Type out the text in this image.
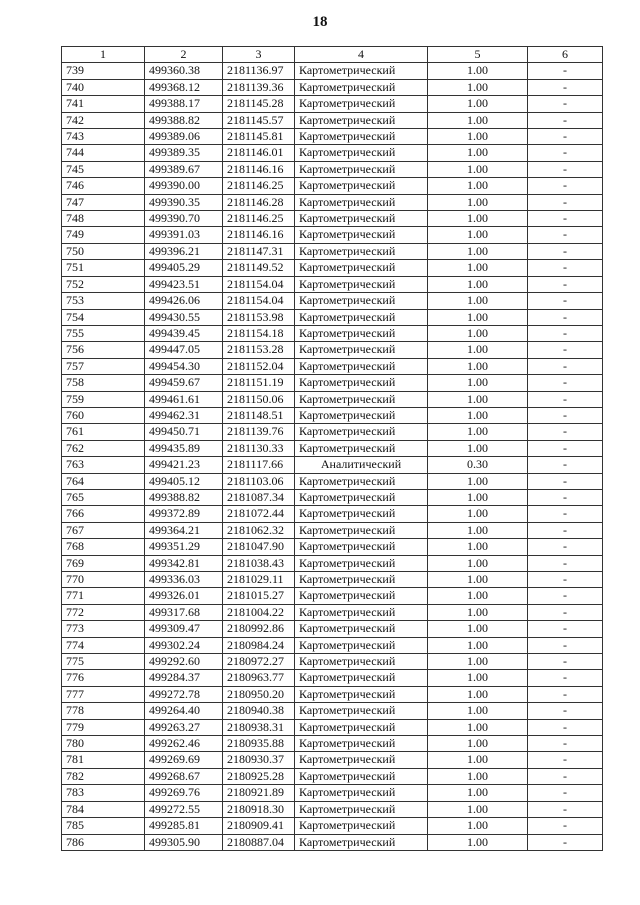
18
1	2	3	4	5	6
739	499360.38	2181136.97	Картометрический	1.00	-
740	499368.12	2181139.36	Картометрический	1.00	-
741	499388.17	2181145.28	Картометрический	1.00	-
742	499388.82	2181145.57	Картометрический	1.00	-
743	499389.06	2181145.81	Картометрический	1.00	-
744	499389.35	2181146.01	Картометрический	1.00	-
745	499389.67	2181146.16	Картометрический	1.00	-
746	499390.00	2181146.25	Картометрический	1.00	-
747	499390.35	2181146.28	Картометрический	1.00	-
748	499390.70	2181146.25	Картометрический	1.00	-
749	499391.03	2181146.16	Картометрический	1.00	-
750	499396.21	2181147.31	Картометрический	1.00	-
751	499405.29	2181149.52	Картометрический	1.00	-
752	499423.51	2181154.04	Картометрический	1.00	-
753	499426.06	2181154.04	Картометрический	1.00	-
754	499430.55	2181153.98	Картометрический	1.00	-
755	499439.45	2181154.18	Картометрический	1.00	-
756	499447.05	2181153.28	Картометрический	1.00	-
757	499454.30	2181152.04	Картометрический	1.00	-
758	499459.67	2181151.19	Картометрический	1.00	-
759	499461.61	2181150.06	Картометрический	1.00	-
760	499462.31	2181148.51	Картометрический	1.00	-
761	499450.71	2181139.76	Картометрический	1.00	-
762	499435.89	2181130.33	Картометрический	1.00	-
763	499421.23	2181117.66	Аналитический	0.30	-
764	499405.12	2181103.06	Картометрический	1.00	-
765	499388.82	2181087.34	Картометрический	1.00	-
766	499372.89	2181072.44	Картометрический	1.00	-
767	499364.21	2181062.32	Картометрический	1.00	-
768	499351.29	2181047.90	Картометрический	1.00	-
769	499342.81	2181038.43	Картометрический	1.00	-
770	499336.03	2181029.11	Картометрический	1.00	-
771	499326.01	2181015.27	Картометрический	1.00	-
772	499317.68	2181004.22	Картометрический	1.00	-
773	499309.47	2180992.86	Картометрический	1.00	-
774	499302.24	2180984.24	Картометрический	1.00	-
775	499292.60	2180972.27	Картометрический	1.00	-
776	499284.37	2180963.77	Картометрический	1.00	-
777	499272.78	2180950.20	Картометрический	1.00	-
778	499264.40	2180940.38	Картометрический	1.00	-
779	499263.27	2180938.31	Картометрический	1.00	-
780	499262.46	2180935.88	Картометрический	1.00	-
781	499269.69	2180930.37	Картометрический	1.00	-
782	499268.67	2180925.28	Картометрический	1.00	-
783	499269.76	2180921.89	Картометрический	1.00	-
784	499272.55	2180918.30	Картометрический	1.00	-
785	499285.81	2180909.41	Картометрический	1.00	-
786	499305.90	2180887.04	Картометрический	1.00	-
